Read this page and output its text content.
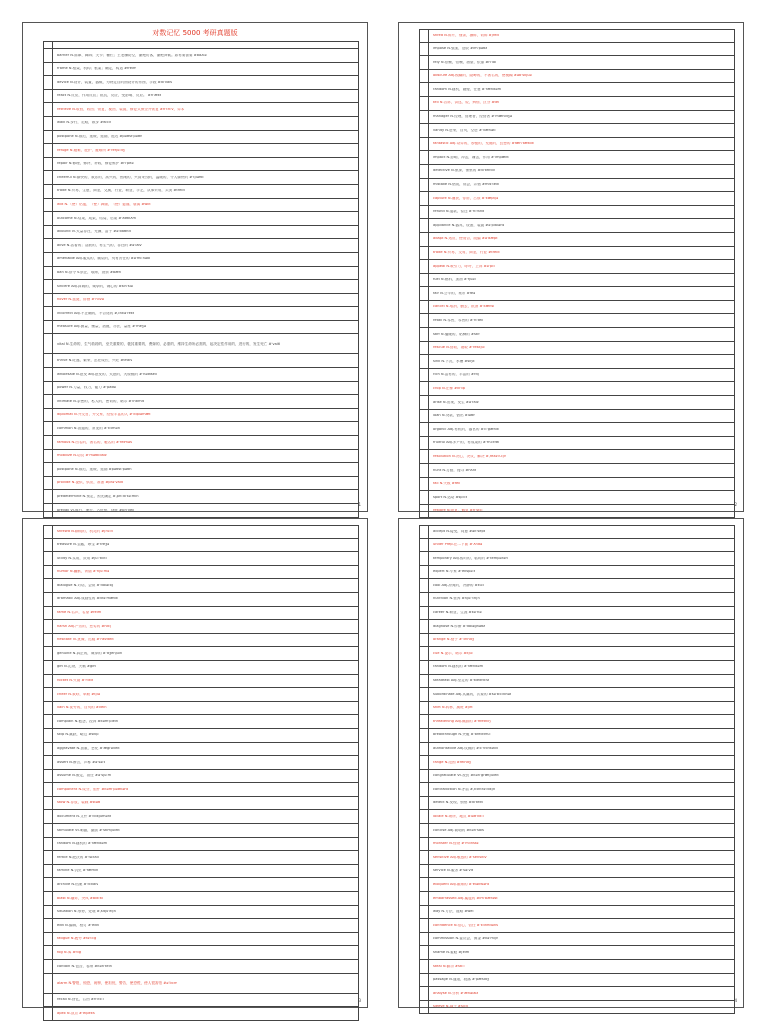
对数记忆 5000 考研真题版
barrier N.屏障、障碍；关卡；栅栏；王老豄防空，谢绝访客，谢绝问候。如有要需要 #baʎiə
frame N.框架，机构；框架；确定，构造 #freim
device N.设计，装置，器械，为特定目的而设计的东西，手段 #diˈvais
react N.反应，作用反抗；抵抗，反应，受影响、反应。 #riˈækt
retrieve N.取回，收回；恢复，挽回，装置，修复式保全并恢复 #riˈtriːv，异本
walk N.步行，走路，散步 #wɔːk
postpone N.推迟，延缓，延期，延迟 #pəʊstˈpəʊn
refuge N.避难，庇护，避难所 #ˈrefjuːdʒ
repair N.修理，修补，补救，修复维护 #riˈpeə
cheerful N.愉快的，欢乐的，高兴的，热闹的，兴高采烈的，温暖的，令人愉快的 #ˈtʃiəfʊl
trade N.贸易，生意，商业，交换，行业，职业，手艺，从事贸易，买卖 #treid
wilt N.（使）枯萎，（使）凋谢，（使）萎靡，衰弱 #wilt
outcome N.结果，成果，结局，后果 #ˈaʊtkʌm
abound Vi.大量存在，充满，富于 #əˈbaʊnd
alive N.活着的；活跃的，有生气的，存在的 #əˈlaiv
amenable Adj.服从的，顺从的，负有责任的 #əˈmiːnəbl
ban N.禁令 v.禁止，取缔，查禁 #bæn
sincere Adj.真诚的，诚挚的，诚心的 #sinˈsiə
hover N.盘旋，徘徊 #ˈhɔvə
incorrect Adj.不正确的，不合适的 #ˌɪnkəˈrekt
measure Adj.测量，衡量，措施，办法，量度 #ˈmeʒə
vital N.生命的，生气勃勃的，至关重要的，极其重要的，费嫁的，必需的，维持生命所必需的，起决定性作用的，进行的，发生死亡 #ˈvaitl
thrive N.旺盛，繁荣，茁壮成长，兴旺 #θraiv
wholesale N.批发 adj.批发的，大批的，大规模的 #ˈhəʊlseil
power N.力量，权力，能力 #ˈpaʊə
intimate N.亲密的，私人的，密切的，暗示 #ˈintimit
diplomat N.外交官，外交家，经验丰富的人 #ˈdipləmæt
common N.普通的，常见的 #ˈkɔmən
famous N.出名的，著名的，驰名的 #ˈfeiməs
mobilize N.动员 #ˈməʊbilaiz
postpone N.推迟，延缓，延期 #pəʊstˈpəʊn
provide N.提供，供应，准备 #prəˈvaid
predetermine N.预定，预先确定 #ˌpriːdiˈtəːmin
prevail Vi.盛行，流行，占优势，获胜 #priˈveil
1
shred N.碎片，细条，撕碎，切碎 #ʃred
impose N.强加，征收 #imˈpəʊz
rely N.依赖，信赖，指望，依靠 #riˈlai
obscure Adj.模糊的，隐晦的，不著名的，使模糊 #əbˈskjuə
random N.随机，随便，任意 #ˈrændəm
tell N.告诉，讲述，说，辨别，区分 #tel
manager N.经理，管理者，经营者 #ˈmænidʒə
vanity N.虚荣，自负，空虚 #ˈvænəti
fantastic Adj.奇异的，妙极的，荒诞的，幻想的 #fænˈtæstik
impact N.影响，冲击，撞击，作用 #ˈimpækt
detective N.侦探，侦察的 #diˈtektiv
mistake N.错误，误会，弄错 #misˈteik
capture N.捕获，俘虏，占领 #ˈkæptʃə
refund N.退款，偿还 #ˈriːfʌnd
appliance N.器具，设备，装置 #əˈplaiəns
adapt N.适应，使适合，改编 #əˈdæpt
trade N.贸易，交易，商业，行业 #treid
appeal N.吸引力，呼吁，上诉 #əˈpiːl
fuel N.燃料，加油 #ˈfjuəl
fair N.公平的，集市 #feə
cancel N.取消，删去，抵消 #ˈkænsl
retail N.零售，零售的 #ˈriːteil
stiff N.僵硬的，粘稠的 #stif
rescue N.营救，援救 #ˈreskjuː
sink N.下沉，水槽 #siŋk
rich N.富有的，丰富的 #ritʃ
crop N.庄稼 #krɔp
arise N.出现，发生 #əˈraiz
loan N.贷款，借出 #ləʊn
organic Adj.有机的，器官的 #ɔːˈgænik
fruitful Adj.多产的，有成果的 #ˈfruːtfʊl
resolution N.决心，决议，解决 #ˌrezəˈluːʃn
hunt N.打猎，搜寻 #hʌnt
fail N.失败 #feil
sport N.运动 #spɔːt
restore N.恢复，修复 #riˈstɔː
2
shrewd N.精明的，机灵的 #ʃruːd
treasure N.宝藏，珍宝 #ˈtreʒə
utility N.实用，效用 #juːˈtiliti
humor N.幽默，该谐 #ˈhjuːmə
dialogue N.对话，会谈 #ˈdaiəlɔg
dramatic Adj.戏剧性的 #drəˈmætik
fame N.名声，名望 #feim
harsh Adj.严厉的，恶劣的 #hɑːʃ
hesitate Vi.犹豫，迟疑 #ˈheziteit
genuine N.真正的，诚挚的 #ˈdʒenjuin
gift N.礼物，天赋 #gift
rocket N.火箭 #ˈrɔkit
cheer N.欢呼，举助 #tʃiə
vain N.徒劳的，自负的 #vein
complain N.抱怨，投诉 #kəmˈplein
skip N.跳跃，略过 #skip
aggravate N.加重，恶化 #ˈægrəveit
assert N.断言，声称 #əˈsəːt
assume N.假定，担任 #əˈsjuːm
component N.成分，组件 #kəmˈpəʊnənt
stow N.存放，装载 #stəʊ
document N.文件 #ˈdɔkjumənt
stimulate Vt.刺激，激励 #ˈstimjuleit
random N.随机的 #ˈrændəm
fertile N.肥沃的 #ˈfəːtail
famine N.饥荒 #ˈfæmin
archive N.档案 #ˈɑːkaiv
blast N.爆炸，突风 #blɑːst
situation N.形势，处境 #ˌsitjuˈeiʃn
edit N.编辑，校订 #ˈedit
fatigue N.疲劳 #fəˈtiːg
fog N.雾 #fɔg
contain N.包含，容纳 #kənˈtein
alarm N.警报，惊恐，闹钟，使担忧，警告，使恐慌，使人很害怕 #əˈlɑːm
recall N.回忆，召回 #riˈkɔːl
apex N.顶点 #ˈeipeks
3
accept N.接受，同意 #əkˈsept
under Prep.在…下面 #ˈʌndə
temporary Adj.暂时的，临时的 #ˈtempərəri
expert N.专家 #ˈekspəːt
cool Adj.凉爽的，冷静的 #kuːl
nutrition N.营养 #njuːˈtriʃn
career N.职业，生涯 #kəˈriə
diagnose N.诊断 #ˈdaiəgnəʊz
orange N.橙子 #ˈɔrindʒ
cue N.提示，暗示 #kjuː
random N.随机的 #ˈrændəm
steadfast Adj.坚定的 #ˈstedfɑːst
subordinate Adj.从属的，次要的 #səˈbɔːdinət
shift N.转移，换班 #ʃift
threatening Adj.威胁的 #ˈθretniŋ
breakthrough N.突破 #ˈbreikθruː
authoritative Adj.权威的 #ɔːˈθɔritətiv
range N.范围 #reindʒ
congratulate Vt.祝贺 #kənˈgrætʃuleit
contradiction N.矛盾 #ˌkɔntrəˈdikʃn
detect N.发现，侦察 #diˈtekt
locale N.场所，地点 #ləʊˈkɑːl
concise Adj.简明的 #kənˈsais
monster N.怪物 #ˈmɔnstə
sensitive Adj.敏感的 #ˈsensitiv
service N.服务 #ˈsəːvis
eloquent Adj.雄辩的 #ˈeləkwənt
embarrassed Adj.尴尬的 #imˈbærəst
way N.方法，道路 #wei
confidence N.信心，信任 #ˈkɔnfidəns
commission N.委员会，佣金 #kəˈmiʃn
shame N.羞耻 #ʃeim
steal N.偷窃 #stiːl
passage N.通道，段落 #ˈpæsidʒ
analyse N.分析 #ˈænəlaiz
sleeve N.袖子 #sliːv
4
